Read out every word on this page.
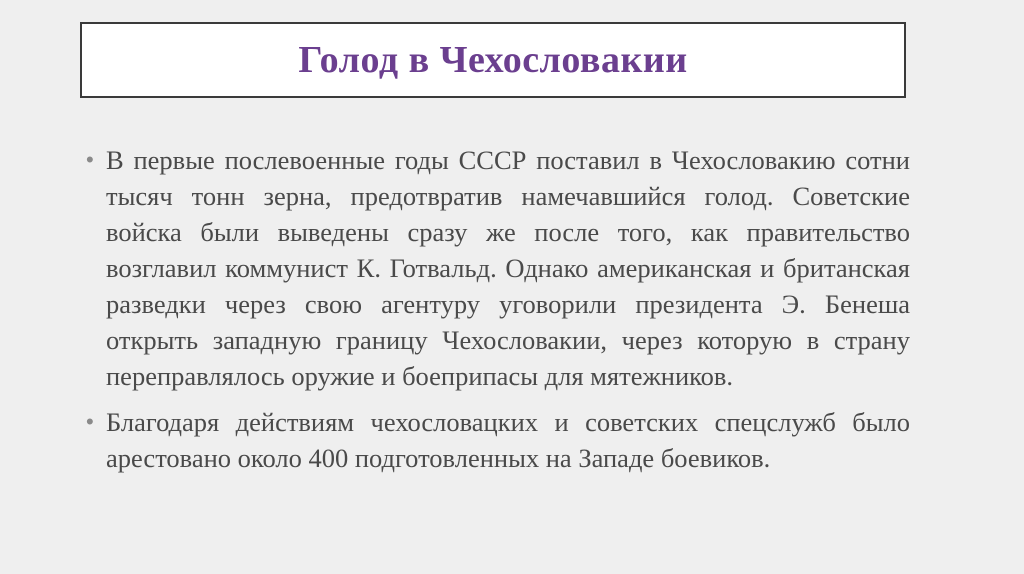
Голод в Чехословакии
• В первые послевоенные годы СССР поставил в Чехословакию сотни тысяч тонн зерна, предотвратив намечавшийся голод. Советские войска были выведены сразу же после того, как правительство возглавил коммунист К. Готвальд. Однако американская и британская разведки через свою агентуру уговорили президента Э. Бенеша открыть западную границу Чехословакии, через которую в страну переправлялось оружие и боеприпасы для мятежников.

• Благодаря действиям чехословацких и советских спецслужб было арестовано около 400 подготовленных на Западе боевиков.
